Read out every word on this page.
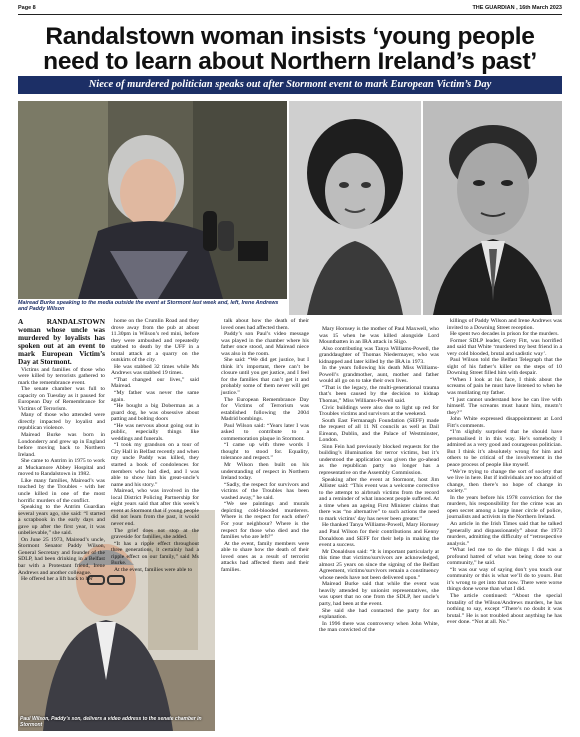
Page 8	THE GUARDIAN , 16th March 2023
Randalstown woman insists ‘young people need to learn about Northern Ireland’s past’
Niece of murdered politician speaks out after Stormont event to mark European Victim’s Day
Mairead Burke speaking to the media outside the event at Stormont last week and, left, Irene Andrews and Paddy Wilson
Paul Wilson, Paddy’s son, delivers a video address to the senate chamber in Stormont

A RANDALSTOWN woman whose uncle was murdered by loyalists has spoken out at an event to mark European Victim’s Day at Stormont.

Victims and families of those who were killed by terrorists gathered to mark the remembrance event.

The senate chamber was full to capacity on Tuesday as it paused for European Day of Remembrance for Victims of Terrorism.

Many of those who attended were directly impacted by loyalist and republican violence.

Mairead Burke was born in Londonderry and grew up in England before moving back to Northern Ireland.

She came to Antrim in 1975 to work at Muckamore Abbey Hospital and moved to Randalstown in 1982.

Like many families, Mairead’s was touched by the Troubles - with her uncle killed in one of the most horrific murders of the conflict.

Speaking to the Antrim Guardian several years ago, she said: “I started a scrapbook in the early days and gave up after the first year, it was unbelievable,” she said.

On June 25 1973, Mairead’s uncle, Stormont Senator Paddy Wilson, General Secretary and founder of the SDLP, had been drinking in a Belfast bar with a Protestant friend, Irene Andrews and another colleague.

He offered her a lift back to her

home on the Crumlin Road and they drove away from the pub at about 11.30pm in Wilson’s red mini, before they were ambushed and repeatedly stabbed to death by the UFF in a brutal attack at a quarry on the outskirts of the city.

He was stabbed 32 times while Ms Andrews was stabbed 19 times.

“That changed our lives,” said Mairead.

“My father was never the same again.

“He bought a big Doberman as a guard dog, he was obsessive about patting and bolting doors

“He was nervous about going out in public, especially things like weddings and funerals.

“I took my grandson on a tour of City Hall in Belfast recently and when my uncle Paddy was killed, they started a book of condolences for members who had died, and I was able to show him his great-uncle’s name and his story.”

Mairead, who was involved in the local District Policing Partnership for eight years said that after this week’s event at Stormont that if young people did not learn from the past, it would never end.

The grief does not stop at the graveside for families, she added.

“It has a ripple effect throughout three generations, it certainly had a ripple effect on our family,” said Ms Burke.

At the event, families were able to

talk about how the death of their loved ones had affected them.

Paddy’s son Paul’s video message was played in the chamber where his father once stood, and Mairead niece was also in the room.

She said: “We did get justice, but I think it’s important, there can’t be closure until you get justice, and I feel for the families that can’t get it and probably some of them never will get justice.”

The European Remembrance Day for Victims of Terrorism was established following the 2004 Madrid bombings.

Paul Wilson said: “Years later I was asked to contribute to a commemoration plaque in Stormont.

“I came up with three words I thought to stood for. Equality, tolerance and respect.”

Mr Wilson then built on his understanding of respect in Northern Ireland today.

“Sadly, the respect for survivors and victims of the Troubles has been washed away,” he said.

“We see paintings and murals depicting cold-blooded murderers. Where is the respect for each other? For your neighbour? Where is the respect for those who died and the families who are left?”

At the event, family members were able to share how the death of their loved ones as a result of terrorist attacks had affected them and their families.

Mary Hornsey is the mother of Paul Maxwell, who was 15 when he was killed alongside Lord Mountbatten in an IRA attack in Sligo.

Also contributing was Tanya Williams-Powell, the granddaughter of Thomas Niedermayer, who was kidnapped and later killed by the IRA in 1973.

In the years following his death Miss Williams-Powell’s grandmother, aunt, mother and father would all go on to take their own lives.

“That is the legacy, the multi-generational trauma that’s been caused by the decision to kidnap Thomas,” Miss Williams-Powell said.

Civic buildings were also due to light up red for Troubles victims and survivors at the weekend.

South East Fermanagh Foundation (SEFF) made the request of all 11 NI councils as well as Dail Eireann, Dublin, and the Palace of Westminster, London.

Sinn Fein had previously blocked requests for the building’s illumination for terror victims, but it’s understood the application was given the go-ahead as the republican party no longer has a representative on the Assembly Commission.

Speaking after the event at Stormont, host Jim Allister said: “This event was a welcome corrective to the attempt to airbrush victims from the record and a reminder of what innocent people suffered. At a time when an ageing First Minister claims that there was “no alternative” to such actions the need to mark victims’ day has never been greater.”

He thanked Tanya Williams-Powell, Mary Hornsey and Paul Wilson for their contributions and Kenny Donaldson and SEFF for their help in making the event a success.

Mr Donaldson said: “It is important particularly at this time that victims/survivors are acknowledged, almost 25 years on since the signing of the Belfast Agreement, victims/survivors remain a constituency whose needs have not been delivered upon.”

Mairead Burke said that while the event was heavily attended by unionist representatives, she was upset that no one from the SDLP, her uncle’s party, had been at the event.

She said she had contacted the party for an explanation.

In 1996 there was controversy when John White, the man convicted of the

killings of Paddy Wilson and Irene Andrews was invited to a Downing Street reception.

He spent two decades in prison for the murders.

Former SDLP leader, Gerry Fitt, was horrified and said that White ‘murdered my best friend in a very cold blooded, brutal and sadistic way’.

Paul Wilson told the Belfast Telegraph that the sight of his father’s killer on the steps of 10 Downing Street filled him with despair.

“When I look at his face, I think about the screams of pain he must have listened to when he was mutilating my father.

“I just cannot understand how he can live with himself. The screams must haunt him, mustn’t they?”

John White expressed disappointment at Lord Fitt’s comments.

“I’m slightly surprised that he should have personalised it in this way. He’s somebody I admired as a very good and courageous politician. But I think it’s absolutely wrong for him and others to be critical of the involvement in the peace process of people like myself.

“We’re trying to change the sort of society that we live in here. But if individuals are too afraid of change, then there’s no hope of change in society.”

In the years before his 1978 conviction for the murders, his responsibility for the crime was an open secret among a large inner circle of police, journalists and activists in the Northern Ireland.

An article in the Irish Times said that he talked “generally and dispassionately” about the 1973 murders, admitting the difficulty of “retrospective analysis.”

“What led me to do the things I did was a profound hatred of what was being done to our community,” he said.

“It was our way of saying don’t you touch our community or this is what we’ll do to yours. But it’s wrong to get into that now. There were worse things done worse than what I did.

The article continued: “About the special brutality of the Wilson/Andrews murders, he has nothing to say, except “There’s no doubt it was brutal.” He is not troubled about anything he has ever done. “Not at all. No.”
